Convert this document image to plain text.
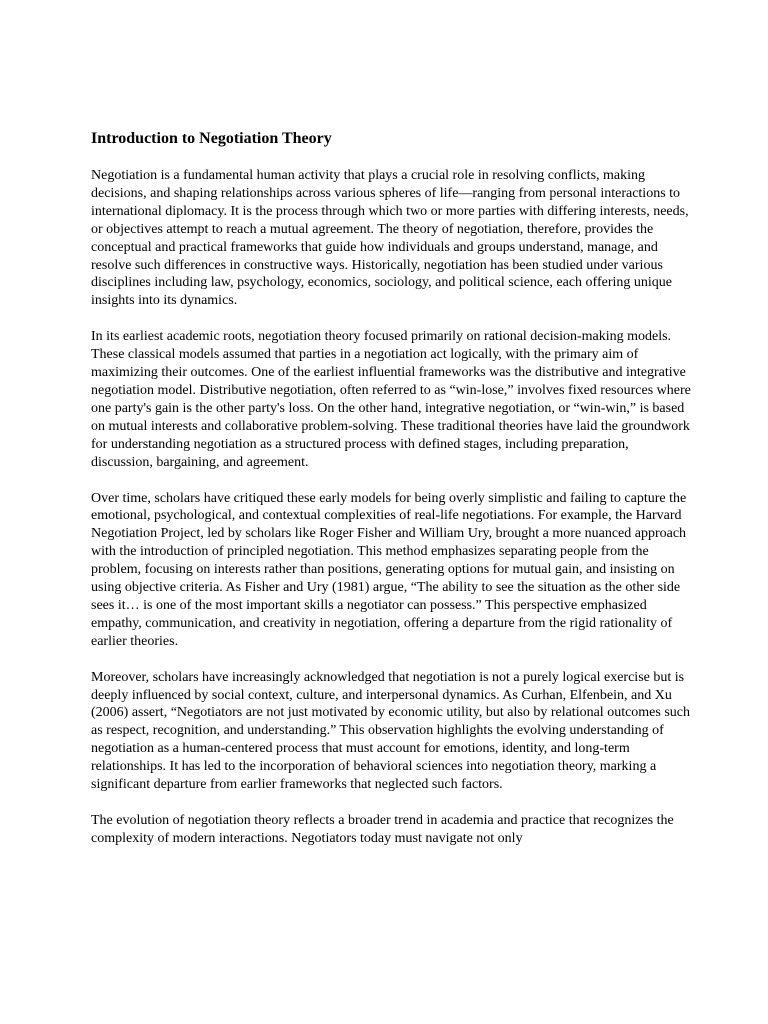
Introduction to Negotiation Theory

Negotiation is a fundamental human activity that plays a crucial role in resolving conflicts, making decisions, and shaping relationships across various spheres of life—ranging from personal interactions to international diplomacy. It is the process through which two or more parties with differing interests, needs, or objectives attempt to reach a mutual agreement. The theory of negotiation, therefore, provides the conceptual and practical frameworks that guide how individuals and groups understand, manage, and resolve such differences in constructive ways. Historically, negotiation has been studied under various disciplines including law, psychology, economics, sociology, and political science, each offering unique insights into its dynamics.

In its earliest academic roots, negotiation theory focused primarily on rational decision-making models. These classical models assumed that parties in a negotiation act logically, with the primary aim of maximizing their outcomes. One of the earliest influential frameworks was the distributive and integrative negotiation model. Distributive negotiation, often referred to as “win-lose,” involves fixed resources where one party's gain is the other party's loss. On the other hand, integrative negotiation, or “win-win,” is based on mutual interests and collaborative problem-solving. These traditional theories have laid the groundwork for understanding negotiation as a structured process with defined stages, including preparation, discussion, bargaining, and agreement.

Over time, scholars have critiqued these early models for being overly simplistic and failing to capture the emotional, psychological, and contextual complexities of real-life negotiations. For example, the Harvard Negotiation Project, led by scholars like Roger Fisher and William Ury, brought a more nuanced approach with the introduction of principled negotiation. This method emphasizes separating people from the problem, focusing on interests rather than positions, generating options for mutual gain, and insisting on using objective criteria. As Fisher and Ury (1981) argue, “The ability to see the situation as the other side sees it… is one of the most important skills a negotiator can possess.” This perspective emphasized empathy, communication, and creativity in negotiation, offering a departure from the rigid rationality of earlier theories.

Moreover, scholars have increasingly acknowledged that negotiation is not a purely logical exercise but is deeply influenced by social context, culture, and interpersonal dynamics. As Curhan, Elfenbein, and Xu (2006) assert, “Negotiators are not just motivated by economic utility, but also by relational outcomes such as respect, recognition, and understanding.” This observation highlights the evolving understanding of negotiation as a human-centered process that must account for emotions, identity, and long-term relationships. It has led to the incorporation of behavioral sciences into negotiation theory, marking a significant departure from earlier frameworks that neglected such factors.

The evolution of negotiation theory reflects a broader trend in academia and practice that recognizes the complexity of modern interactions. Negotiators today must navigate not only
